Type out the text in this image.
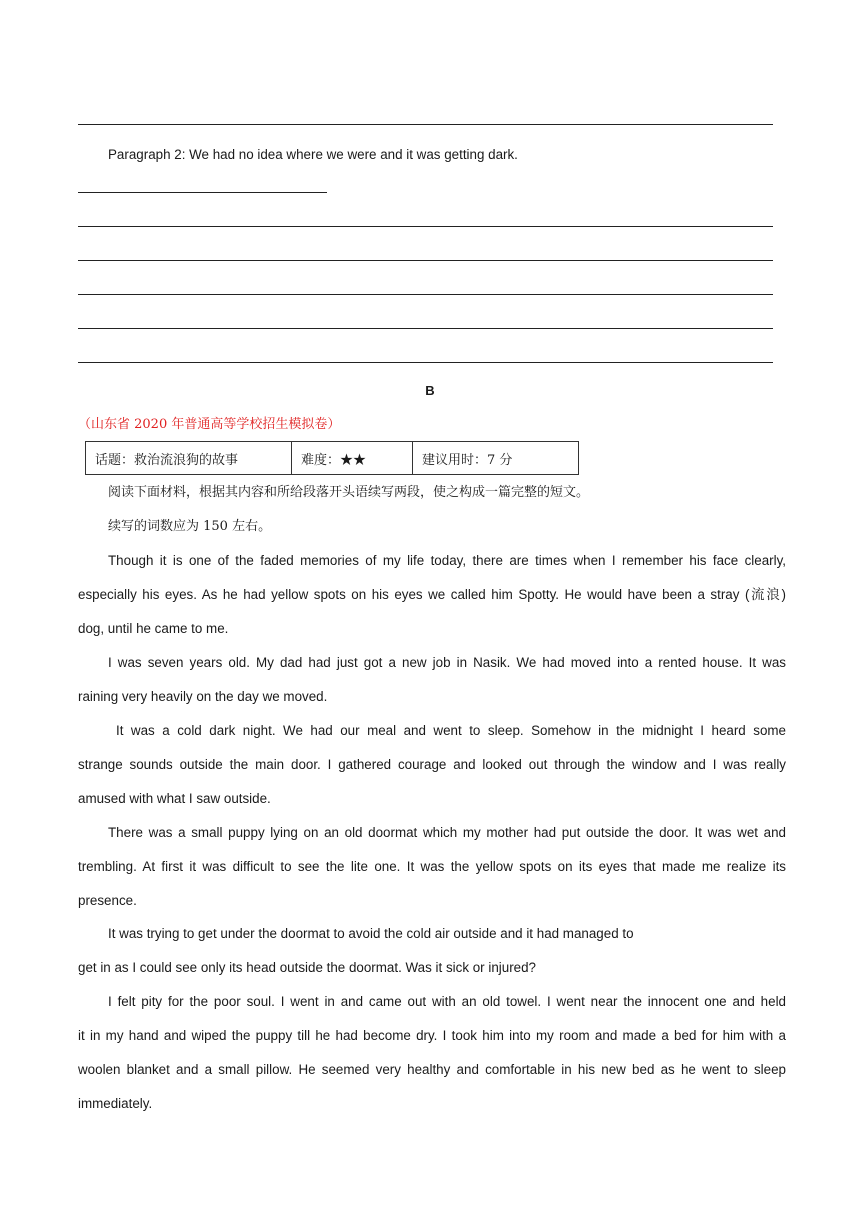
Paragraph 2: We had no idea where we were and it was getting dark.
B
（山东省 2020 年普通高等学校招生模拟卷）
话题：救治流浪狗的故事	难度：★★	建议用时：7 分
阅读下面材料，根据其内容和所给段落开头语续写两段，使之构成一篇完整的短文。
续写的词数应为 150 左右。
Though it is one of the faded memories of my life today, there are times when I remember his face clearly,
especially his eyes. As he had yellow spots on his eyes we called him Spotty. He would have been a stray (流浪)
dog, until he came to me.
I was seven years old. My dad had just got a new job in Nasik. We had moved into a rented house. It was
raining very heavily on the day we moved.
It was a cold dark night. We had our meal and went to sleep. Somehow in the midnight I heard some
strange sounds outside the main door. I gathered courage and looked out through the window and I was really
amused with what I saw outside.
There was a small puppy lying on an old doormat which my mother had put outside the door. It was wet and
trembling. At first it was difficult to see the lite one. It was the yellow spots on its eyes that made me realize its
presence.
It was trying to get under the doormat to avoid the cold air outside and it had managed to
get in as I could see only its head outside the doormat. Was it sick or injured?
I felt pity for the poor soul. I went in and came out with an old towel. I went near the innocent one and held
it in my hand and wiped the puppy till he had become dry. I took him into my room and made a bed for him with a
woolen blanket and a small pillow. He seemed very healthy and comfortable in his new bed as he went to sleep
immediately.
